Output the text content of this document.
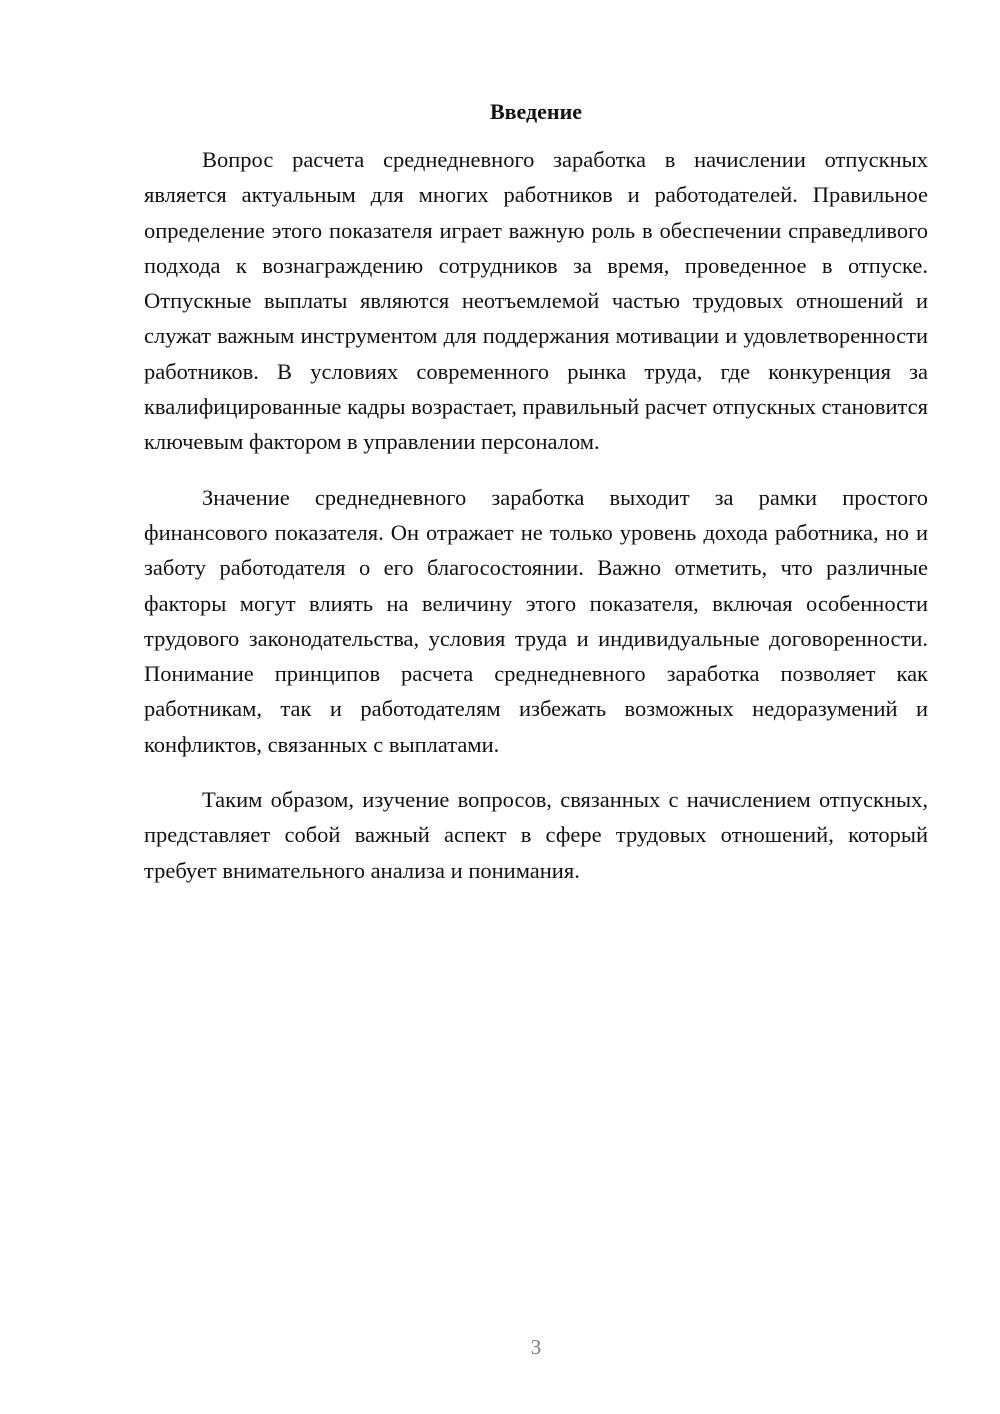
Введение

Вопрос расчета среднедневного заработка в начислении отпускных является актуальным для многих работников и работодателей. Правильное определение этого показателя играет важную роль в обеспечении справедливого подхода к вознаграждению сотрудников за время, проведенное в отпуске. Отпускные выплаты являются неотъемлемой частью трудовых отношений и служат важным инструментом для поддержания мотивации и удовлетворенности работников. В условиях современного рынка труда, где конкуренция за квалифицированные кадры возрастает, правильный расчет отпускных становится ключевым фактором в управлении персоналом.

Значение среднедневного заработка выходит за рамки простого финансового показателя. Он отражает не только уровень дохода работника, но и заботу работодателя о его благосостоянии. Важно отметить, что различные факторы могут влиять на величину этого показателя, включая особенности трудового законодательства, условия труда и индивидуальные договоренности. Понимание принципов расчета среднедневного заработка позволяет как работникам, так и работодателям избежать возможных недоразумений и конфликтов, связанных с выплатами.

Таким образом, изучение вопросов, связанных с начислением отпускных, представляет собой важный аспект в сфере трудовых отношений, который требует внимательного анализа и понимания.

3
